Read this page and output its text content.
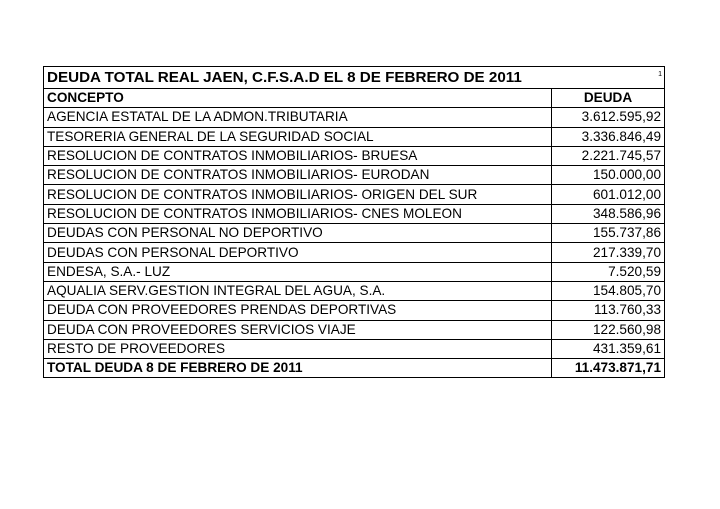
DEUDA TOTAL REAL JAEN, C.F.S.A.D EL 8 DE FEBRERO DE 2011 1	

CONCEPTO	DEUDA
AGENCIA ESTATAL DE LA ADMON.TRIBUTARIA	3.612.595,92
TESORERIA GENERAL DE LA SEGURIDAD SOCIAL	3.336.846,49
RESOLUCION DE CONTRATOS INMOBILIARIOS- BRUESA	2.221.745,57
RESOLUCION DE CONTRATOS INMOBILIARIOS- EURODAN	150.000,00
RESOLUCION DE CONTRATOS INMOBILIARIOS- ORIGEN DEL SUR	601.012,00
RESOLUCION DE CONTRATOS INMOBILIARIOS- CNES MOLEON	348.586,96
DEUDAS CON PERSONAL NO DEPORTIVO	155.737,86
DEUDAS CON PERSONAL DEPORTIVO	217.339,70
ENDESA, S.A.- LUZ	7.520,59
AQUALIA SERV.GESTION INTEGRAL DEL AGUA, S.A.	154.805,70
DEUDA CON PROVEEDORES PRENDAS DEPORTIVAS	113.760,33
DEUDA CON PROVEEDORES SERVICIOS VIAJE	122.560,98
RESTO DE PROVEEDORES	431.359,61
TOTAL DEUDA 8 DE FEBRERO DE 2011	11.473.871,71
